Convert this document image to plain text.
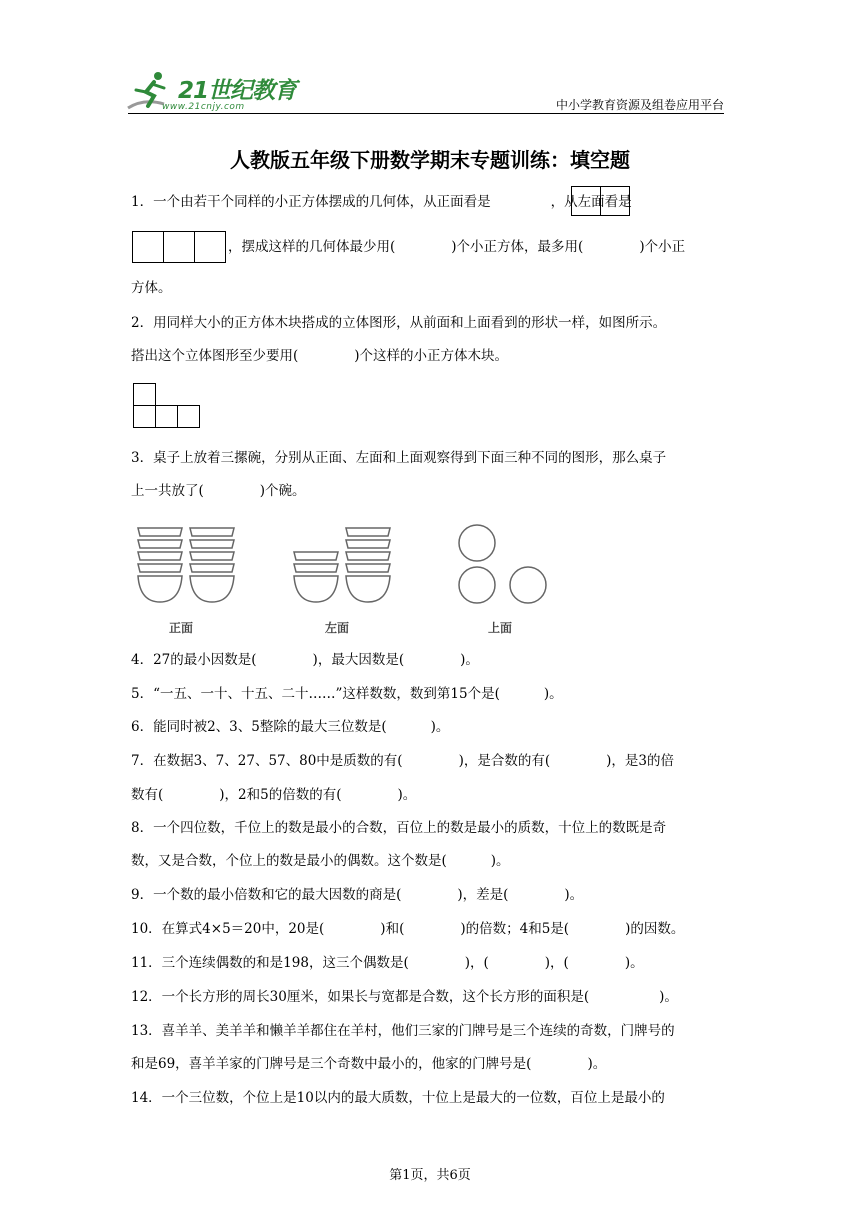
21世纪教育
www.21cnjy.com	中小学教育资源及组卷应用平台
人教版五年级下册数学期末专题训练：填空题
1．一个由若干个同样的小正方体摆成的几何体，从正面看是	，从左面看是
，摆成这样的几何体最少用(	)个小正方体，最多用(	)个小正
方体。
2．用同样大小的正方体木块搭成的立体图形，从前面和上面看到的形状一样，如图所示。
搭出这个立体图形至少要用(	)个这样的小正方体木块。
3．桌子上放着三摞碗，分别从正面、左面和上面观察得到下面三种不同的图形，那么桌子
上一共放了(	)个碗。
正面	左面	上面
4．27的最小因数是(	)，最大因数是(	)。
5．“一五、一十、十五、二十……”这样数数，数到第15个是(	)。
6．能同时被2、3、5整除的最大三位数是(	)。
7．在数据3、7、27、57、80中是质数的有(	)，是合数的有(	)，是3的倍
数有(	)，2和5的倍数的有(	)。
8．一个四位数，千位上的数是最小的合数，百位上的数是最小的质数，十位上的数既是奇
数，又是合数，个位上的数是最小的偶数。这个数是(	)。
9．一个数的最小倍数和它的最大因数的商是(	)，差是(	)。
10．在算式4×5＝20中，20是(	)和(	)的倍数；4和5是(	)的因数。
11．三个连续偶数的和是198，这三个偶数是(	)，(	)，(	)。
12．一个长方形的周长30厘米，如果长与宽都是合数，这个长方形的面积是(	)。
13．喜羊羊、美羊羊和懒羊羊都住在羊村，他们三家的门牌号是三个连续的奇数，门牌号的
和是69，喜羊羊家的门牌号是三个奇数中最小的，他家的门牌号是(	)。
14．一个三位数，个位上是10以内的最大质数，十位上是最大的一位数，百位上是最小的
第1页，共6页
